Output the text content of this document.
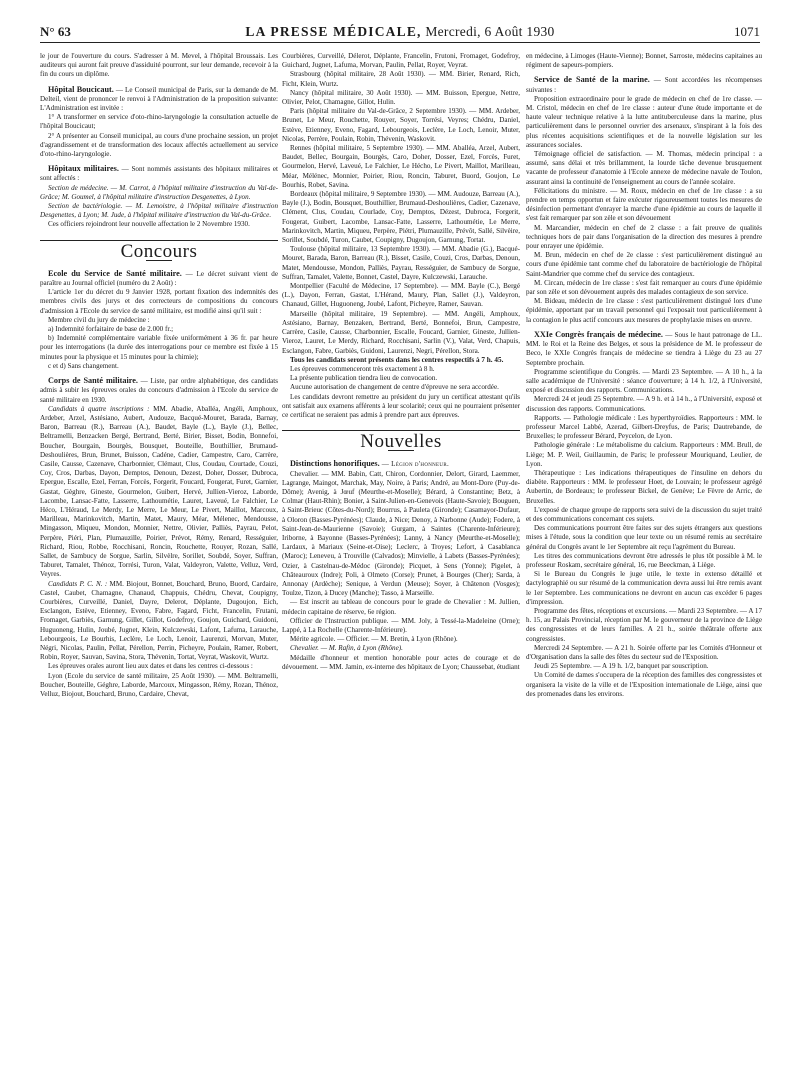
N° 63	LA PRESSE MÉDICALE, Mercredi, 6 Août 1930	1071

le jour de l'ouverture du cours. S'adresser à M. Mevel, à l'hôpital Broussais. Les auditeurs qui auront fait preuve d'assiduité pourront, sur leur demande, recevoir à la fin du cours un diplôme.

Hôpital Boucicaut. — Le Conseil municipal de Paris, sur la demande de M. Delteil, vient de prononcer le renvoi à l'Administration de la proposition suivante: L'Administration est invitée :

1° A transformer en service d'oto-rhino-laryngologie la consultation actuelle de l'hôpital Boucicaut;

2° A présenter au Conseil municipal, au cours d'une prochaine session, un projet d'agrandissement et de transformation des locaux affectés actuellement au service d'oto-rhino-laryngologie.

Hôpitaux militaires. — Sont nommés assistants des hôpitaux militaires et sont affectés :

Section de médecine. — M. Carrot, à l'hôpital militaire d'instruction du Val-de-Grâce; M. Goumel, à l'hôpital militaire d'instruction Desgenettes, à Lyon.

Section de bactériologie. — M. Lemoistre, à l'hôpital militaire d'instruction Desgenettes, à Lyon; M. Jude, à l'hôpital militaire d'instruction du Val-du-Grâce.

Ces officiers rejoindront leur nouvelle affectation le 2 Novembre 1930.

Concours

Ecole du Service de Santé militaire. — Le décret suivant vient de paraître au Journal officiel (numéro du 2 Août) :

L'article 1er du décret du 9 Janvier 1928, portant fixation des indemnités des membres civils des jurys et des correcteurs de compositions du concours d'admission à l'Ecole du service de santé militaire, est modifié ainsi qu'il suit :

Membre civil du jury de médecine :

a) Indemnité forfaitaire de base de 2.000 fr.;

b) Indemnité complémentaire variable fixée uniformément à 36 fr. par heure pour les interrogations (la durée des interrogations pour ce membre est fixée à 15 minutes pour la physique et 15 minutes pour la chimie);

c et d) Sans changement.

Corps de Santé militaire. — Liste, par ordre alphabétique, des candidats admis à subir les épreuves orales du concours d'admission à l'Ecole du service de santé militaire en 1930.

Candidats à quatre inscriptions : MM. Abadie, Aballéa, Angéli, Amphoux, Ardeber, Arzel, Astésiano, Aubert, Audouze, Bacqué-Mouret, Barada, Barnay, Baron, Barreau (R.), Barreau (A.), Baudet, Bayle (L.), Bayle (J.), Bellec, Beltramelli, Benzacken Bergé, Bertrand, Berté, Birier, Bisset, Bodin, Bonnefoi, Boucher, Bourgain, Bourgès, Bousquet, Bouteille, Bouthillier, Brumaud-Deshoulières, Brun, Brunet, Buisson, Cadéne, Cadier, Campestre, Caro, Carrère, Casile, Causse, Cazenave, Charbonnier, Clémaut, Clus, Coudau, Courtade, Couzi, Coy, Cros, Darbas, Dayon, Demptos, Denoun, Dezest, Doher, Dosser, Dubroca, Epergue, Escalle, Ezel, Ferran, Forcès, Forgerit, Foucard, Fougerat, Furet, Garnier, Gastat, Gèghre, Gineste, Gourmelon, Guibert, Hervé, Jullien-Vieroz, Laborde, Lacombe, Lansac-Fatte, Lasserre, Lathoumétie, Lauret, Laveué, Le Falchier, Le Héco, L'Héraud, Le Merdy, Le Merre, Le Meur, Le Pivert, Maillot, Marcoux, Marilleau, Marinkovitch, Martin, Matet, Maury, Méar, Mélenec, Mendousse, Mingasson, Miqueu, Mondon, Monnier, Nettre, Olivier, Palliès, Payrau, Pelot, Perpère, Piéri, Plan, Plumauzille, Poirier, Prévot, Rémy, Renard, Rességuier, Richard, Riou, Robbe, Rocchisani, Roncin, Rouchette, Rouyer, Rozan, Sallé, Sallet, de Sambucy de Sorgue, Sarlin, Silvèlre, Sorillet, Soubdé, Soyer, Suffran, Taburet, Tamalet, Thénoz, Torrési, Turon, Valat, Valdeyron, Valette, Velluz, Verd, Veyres.

Candidats P. C. N. : MM. Biojout, Bonnet, Bouchard, Bruno, Buord, Cardaire, Castel, Caubet, Chamagne, Chanaud, Chappuis, Chédru, Chevat, Coupigny, Courbières, Curveillé, Daniel, Dayre, Delerot, Déplante, Dugoujon, Eich, Esclangon, Estève, Etienney, Eveno, Fabre, Fagard, Ficht, Francelin, Frutani, Fromaget, Garbiès, Garnung, Gillet, Gillot, Godefroy, Goujon, Guichard, Guidoni, Huguoneng, Hulin, Joubé, Jugnet, Klein, Kulczewski, Lafont, Lafuma, Larauche, Lebourgeois, Le Bourhis, Leclère, Le Loch, Lenoir, Laurenzi, Morvan, Muter, Négri, Nicolas, Paulin, Pellat, Pérellon, Perrin, Picheyre, Poulain, Ramer, Robert, Robin, Royer, Sauvan, Savina, Stora, Thévenin, Tortat, Veyrat, Waskovit, Wurtz.

Les épreuves orales auront lieu aux dates et dans les centres ci-dessous :

Lyon (Ecole du service de santé militaire, 25 Août 1930). — MM. Beltramelli, Boucher, Bouteille, Géghre, Laborde, Marcoux, Mingasson, Rémy, Rozan, Thénoz, Velluz, Biojout, Bouchard, Bruno, Cardaire, Chevat,

Courbières, Curveillé, Délerot, Déplante, Francelin, Frutoni, Fromaget, Godefroy, Guichard, Jugnet, Lafuma, Morvan, Paulin, Pellat, Royer, Veyrat.

Strasbourg (hôpital militaire, 28 Août 1930). — MM. Birier, Renard, Rich, Ficht, Klein, Wurtz.

Nancy (hôpital militaire, 30 Août 1930). — MM. Buisson, Epergue, Nettre, Olivier, Pelot, Chamagne, Gillot, Hulin.

Paris (hôpital militaire du Val-de-Grâce, 2 Septembre 1930). — MM. Ardeber, Brunet, Le Meur, Rouchette, Rouyer, Soyer, Torrési, Veyres; Chédru, Daniel, Estève, Etienney, Eveno, Fagard, Lebourgeois, Leclère, Le Loch, Lenoir, Muter, Nicolas, Perrère, Poulain, Robin, Thévenin, Waskovit.

Rennes (hôpital militaire, 5 Septembre 1930). — MM. Aballéa, Arzel, Aubert, Baudet, Bellec, Bourgain, Bourgès, Caro, Doher, Dosser, Ezel, Forcès, Furet, Gourmelon, Hervé, Laveué, Le Falchier, Le Hécho, Le Pivert, Maillot, Marilleau, Méar, Mélénec, Monnier, Poirier, Riou, Roncin, Taburet, Buord, Goujon, Le Bourhis, Robet, Savina.

Bordeaux (hôpital militaire, 9 Septembre 1930). — MM. Audouze, Barreau (A.), Bayle (J.), Bodin, Bousquet, Bouthillier, Brumaud-Deshoulières, Cadier, Cazenave, Clément, Clus, Coudau, Courlade, Coy, Demptos, Dézest, Dubroca, Forgerit, Fougerat, Guibert, Lacombe, Lansac-Fatte, Lasserre, Lathoumétie, Le Merre, Marinkovitch, Martin, Miqueu, Perpère, Piétri, Plumauzille, Prévôt, Sallé, Silvèire, Sorillet, Soubdé, Turon, Caubet, Coupigny, Dugoujon, Garnung, Tortat.

Toulouse (hôpital militaire, 13 Septembre 1930). — MM. Abadie (G.), Bacqué-Mouret, Barada, Baron, Barreau (R.), Bisset, Casile, Couzi, Cros, Darbas, Denoun, Matet, Mendousse, Mondon, Palliès, Payrau, Rességuier, de Sambucy de Sorgue, Suffran, Tamalet, Valette, Bonnet, Castel, Dayre, Kulczewski, Larauche.

Montpellier (Faculté de Médecine, 17 Septembre). — MM. Bayle (C.), Bergé (L.), Dayon, Ferran, Gastat, L'Hérand, Maury, Plan, Sallet (J.), Valdeyron, Chanaud, Gillet, Huguoneng, Joubé, Lafont, Picheyre, Ramer, Sauvan.

Marseille (hôpital militaire, 19 Septembre). — MM. Angéli, Amphoux, Astésiano, Barnay, Benzaken, Bertrand, Berté, Bonnefoi, Brun, Campestre, Carrère, Casile, Causse, Charbonnier, Escalle, Foucard, Garnier, Gineste, Jullien-Vieroz, Lauret, Le Merdy, Richard, Rocchisani, Sarlin (V.), Valat, Verd, Chapuis, Esclangon, Fabre, Garbiès, Guidoni, Laurenzi, Negri, Pérellon, Stora.

Tous les candidats seront présents dans les centres respectifs à 7 h. 45.

Les épreuves commenceront très exactement à 8 h.

La présente publication tiendra lieu de convocation.

Aucune autorisation de changement de centre d'épreuve ne sera accordée.

Les candidats devront remettre au président du jury un certificat attestant qu'ils ont satisfait aux examens afférents à leur scolarité; ceux qui ne pourraient présenter ce certificat ne seraient pas admis à prendre part aux épreuves.

Nouvelles

Distinctions honorifiques. — Légion d'honneur.

Chevalier. — MM. Babin, Catt, Chiron, Cordonnier, Delort, Girard, Laemmer, Lagrange, Maingot, Marchak, May, Noire, à Paris; André, au Mont-Dore (Puy-de-Dôme); Avenig, à Jœuf (Meurthe-et-Moselle); Bérard, à Constantine; Betz, à Colmar (Haut-Rhin); Bonier, à Saint-Julien-en-Genevois (Haute-Savoie); Bouguen, à Saint-Brieuc (Côtes-du-Nord); Bourrus, à Pauleta (Gironde); Casamayor-Dufaur, à Oloron (Basses-Pyrénées); Claude, à Nice; Denoy, à Narbonne (Aude); Fodere, à Saint-Jean-de-Maurienne (Savoie); Gurgam, à Saintes (Charente-Inférieure); Iriborne, à Bayonne (Basses-Pyrénées); Lanny, à Nancy (Meurthe-et-Moselle); Lardaux, à Mariaux (Seine-et-Oise); Leclerc, à Troyes; Lefort, à Casablanca (Maroc); Leneveu, à Trouville (Calvados); Minvielle, à Labets (Basses-Pyrénées); Ozier, à Castelnau-de-Médoc (Gironde); Picquet, à Sens (Yonne); Pigelet, à Châteauroux (Indre); Poli, à Olmeto (Corse); Prunet, à Bourges (Cher); Sarda, à Annonay (Ardèche); Senique, à Verdun (Meuse); Soyer, à Châtenon (Vosges); Toulze, Tizon, à Ducey (Manche); Tasso, à Marseille.

— Est inscrit au tableau de concours pour le grade de Chevalier : M. Jullien, médecin capitaine de réserve, 6e région.

Officier de l'Instruction publique. — MM. Joly, à Tessé-la-Madeleine (Orne); Lappé, à La Rochelle (Charente-Inférieure).

Mérite agricole. — Officier. — M. Bretin, à Lyon (Rhône).

Chevalier. — M. Rafin, à Lyon (Rhône).

Médaille d'honneur et mention honorable pour actes de courage et de dévouement. — MM. Jamin, ex-interne des hôpitaux de Lyon; Chaussebat, étudiant

en médecine, à Limoges (Haute-Vienne); Bonnet, Sarroste, médecins capitaines au régiment de sapeurs-pompiers.

Service de Santé de la marine. — Sont accordées les récompenses suivantes :

Proposition extraordinaire pour le grade de médecin en chef de 1re classe. — M. Cristol, médecin en chef de 1re classe : auteur d'une étude importante et de haute valeur technique relative à la lutte antituberculeuse dans la marine, plus particulièrement dans le personnel ouvrier des arsenaux, s'inspirant à la fois des plus récentes acquisitions scientifiques et de la nouvelle législation sur les assurances sociales.

Témoignage officiel de satisfaction. — M. Thomas, médecin principal : a assumé, sans délai et très brillamment, la lourde tâche devenue brusquement vacante de professeur d'anatomie à l'Ecole annexe de médecine navale de Toulon, assurant ainsi la continuité de l'enseignement au cours de l'année scolaire.

Félicitations du ministre. — M. Roux, médecin en chef de 1re classe : a su prendre en temps opportun et faire exécuter rigoureusement toutes les mesures de désinfection permettant d'enrayer la marche d'une épidémie au cours de laquelle il s'est fait remarquer par son zèle et son dévouement

M. Marcandier, médecin en chef de 2 classe : a fait preuve de qualités techniques hors de pair dans l'organisation de la direction des mesures à prendre pour enrayer une épidémie.

M. Brun, médecin en chef de 2e classe : s'est particulièrement distingué au cours d'une épidémie tant comme chef du laboratoire de bactériologie de l'hôpital Saint-Mandrier que comme chef du service des contagieux.

M. Circan, médecin de 1re classe : s'est fait remarquer au cours d'une épidémie par son zèle et son dévouement auprès des malades contagieux de son service.

M. Bideau, médecin de 1re classe : s'est particulièrement distingué lors d'une épidémie, apportant par un travail personnel qui l'exposait tout particulièrement à la contagion le plus actif concours aux mesures de prophylaxie mises en œuvre.

XXIe Congrès français de médecine. — Sous le haut patronage de LL. MM. le Roi et la Reine des Belges, et sous la présidence de M. le professeur de Beco, le XXIe Congrès français de médecine se tiendra à Liège du 23 au 27 Septembre prochain.

Programme scientifique du Congrès. — Mardi 23 Septembre. — A 10 h., à la salle académique de l'Université : séance d'ouverture; à 14 h. 1/2, à l'Université, exposé et discussion des rapports. Communications.

Mercredi 24 et jeudi 25 Septembre. — A 9 h. et à 14 h., à l'Université, exposé et discussion des rapports. Communications.

Rapports. — Pathologie médicale : Les hyperthyroïdies. Rapporteurs : MM. le professeur Marcel Labbé, Azerad, Gilbert-Dreyfus, de Paris; Dautrebande, de Bruxelles; le professeur Bérard, Peycelon, de Lyon.

Pathologie générale : Le métabolisme du calcium. Rapporteurs : MM. Brull, de Liège; M. P. Weil, Guillaumin, de Paris; le professeur Mouriquand, Leulier, de Lyon.

Thérapeutique : Les indications thérapeutiques de l'insuline en dehors du diabète. Rapporteurs : MM. le professeur Hoet, de Louvain; le professeur agrégé Aubertin, de Bordeaux; le professeur Bickel, de Genève; Le Fèvre de Arric, de Bruxelles.

L'exposé de chaque groupe de rapports sera suivi de la discussion du sujet traité et des communications concernant ces sujets.

Des communications pourront être faites sur des sujets étrangers aux questions mises à l'étude, sous la condition que leur texte ou un résumé remis au secrétaire général du Congrès avant le 1er Septembre ait reçu l'agrément du Bureau.

Les titres des communications devront être adressés le plus tôt possible à M. le professeur Roskam, secrétaire général, 16, rue Beeckman, à Liège.

Si le Bureau du Congrès le juge utile, le texte in extenso détaillé et dactylographié ou sur résumé de la communication devra aussi lui être remis avant le 1er Septembre. Les communications ne devront en aucun cas excéder 6 pages d'impression.

Programme des fêtes, réceptions et excursions. — Mardi 23 Septembre. — A 17 h. 15, au Palais Provincial, réception par M. le gouverneur de la province de Liège des congressistes et de leurs familles. A 21 h., soirée théâtrale offerte aux congressistes.

Mercredi 24 Septembre. — A 21 h. Soirée offerte par les Comités d'Honneur et d'Organisation dans la salle des fêtes du secteur sud de l'Exposition.

Jeudi 25 Septembre. — A 19 h. 1/2, banquet par souscription.

Un Comité de dames s'occupera de la réception des familles des congressistes et organisera la visite de la ville et de l'Exposition internationale de Liège, ainsi que des promenades dans les environs.
